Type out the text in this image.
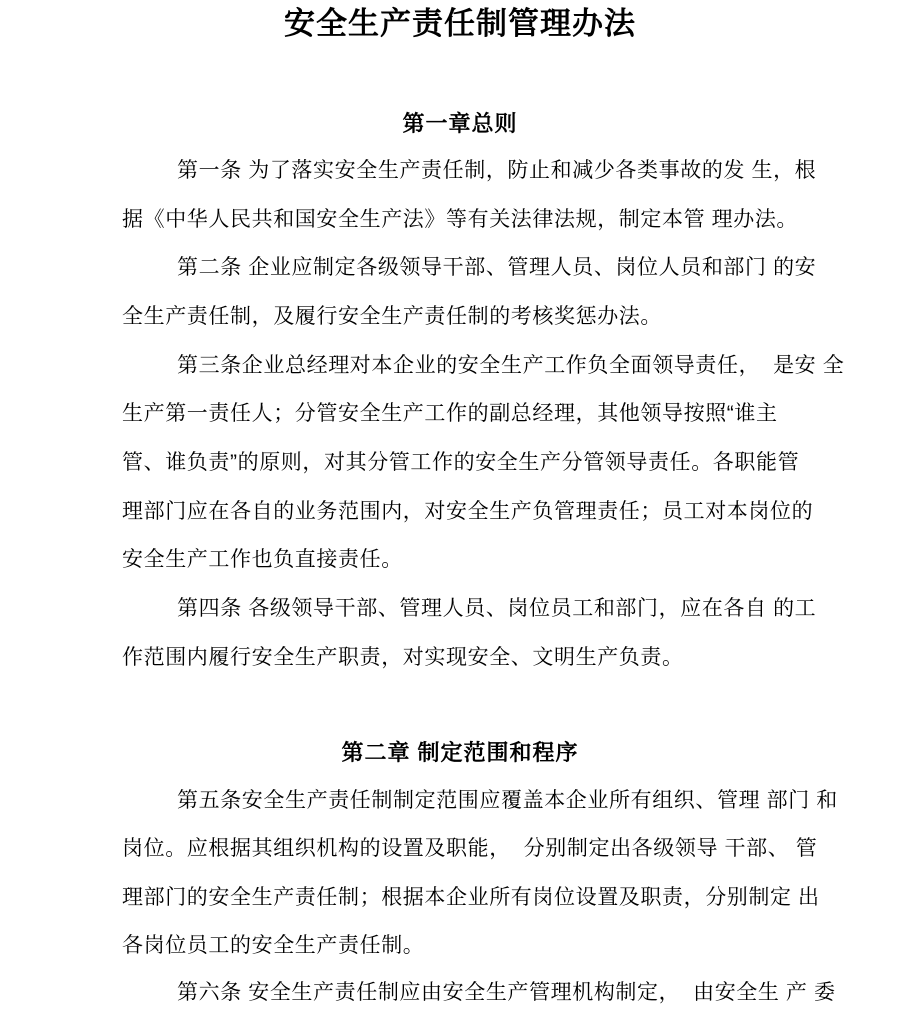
安全生产责任制管理办法
第一章总则
第一条 为了落实安全生产责任制，防止和减少各类事故的发 生，根
据《中华人民共和国安全生产法》等有关法律法规，制定本管 理办法。
第二条 企业应制定各级领导干部、管理人员、岗位人员和部门 的安
全生产责任制，及履行安全生产责任制的考核奖惩办法。
第三条企业总经理对本企业的安全生产工作负全面领导责任，  是安 全
生产第一责任人；分管安全生产工作的副总经理，其他领导按照“谁主
管、谁负责”的原则，对其分管工作的安全生产分管领导责任。各职能管
理部门应在各自的业务范围内，对安全生产负管理责任；员工对本岗位的
安全生产工作也负直接责任。
第四条 各级领导干部、管理人员、岗位员工和部门，应在各自 的工
作范围内履行安全生产职责，对实现安全、文明生产负责。
第二章 制定范围和程序
第五条安全生产责任制制定范围应覆盖本企业所有组织、管理 部门 和
岗位。应根据其组织机构的设置及职能，  分别制定出各级领导 干部、 管
理部门的安全生产责任制；根据本企业所有岗位设置及职责，分别制定 出
各岗位员工的安全生产责任制。
第六条 安全生产责任制应由安全生产管理机构制定，  由安全生 产 委
